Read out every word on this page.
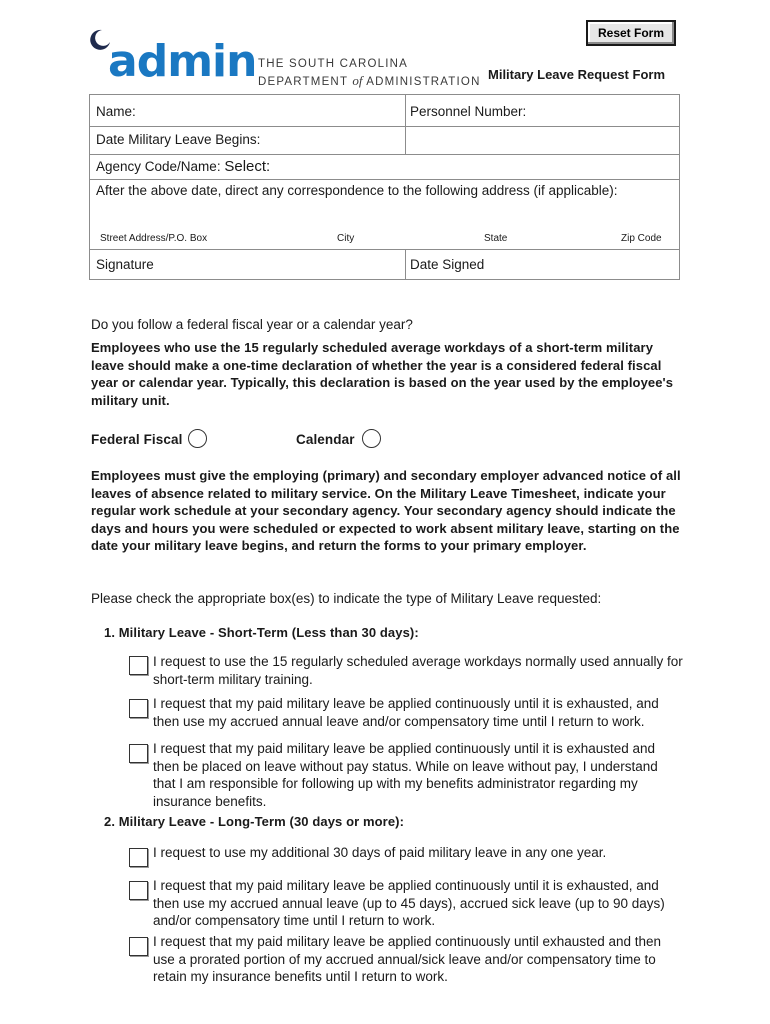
Reset Form
admin THE SOUTH CAROLINA
DEPARTMENT of ADMINISTRATION Military Leave Request Form
Name:	Personnel Number:
Date Military Leave Begins:
Agency Code/Name: Select:
After the above date, direct any correspondence to the following address (if applicable):
Street Address/P.O. Box	City	State	Zip Code
Signature	Date Signed
Do you follow a federal fiscal year or a calendar year?
Employees who use the 15 regularly scheduled average workdays of a short-term military leave should make a one-time declaration of whether the year is a considered federal fiscal year or calendar year. Typically, this declaration is based on the year used by the employee's military unit.
Federal Fiscal	Calendar
Employees must give the employing (primary) and secondary employer advanced notice of all leaves of absence related to military service. On the Military Leave Timesheet, indicate your regular work schedule at your secondary agency. Your secondary agency should indicate the days and hours you were scheduled or expected to work absent military leave, starting on the date your military leave begins, and return the forms to your primary employer.
Please check the appropriate box(es) to indicate the type of Military Leave requested:
1. Military Leave - Short-Term (Less than 30 days):
I request to use the 15 regularly scheduled average workdays normally used annually for short-term military training.
I request that my paid military leave be applied continuously until it is exhausted, and then use my accrued annual leave and/or compensatory time until I return to work.
I request that my paid military leave be applied continuously until it is exhausted and then be placed on leave without pay status. While on leave without pay, I understand that I am responsible for following up with my benefits administrator regarding my insurance benefits.
2. Military Leave - Long-Term (30 days or more):
I request to use my additional 30 days of paid military leave in any one year.
I request that my paid military leave be applied continuously until it is exhausted, and then use my accrued annual leave (up to 45 days), accrued sick leave (up to 90 days) and/or compensatory time until I return to work.
I request that my paid military leave be applied continuously until exhausted and then use a prorated portion of my accrued annual/sick leave and/or compensatory time to retain my insurance benefits until I return to work.
